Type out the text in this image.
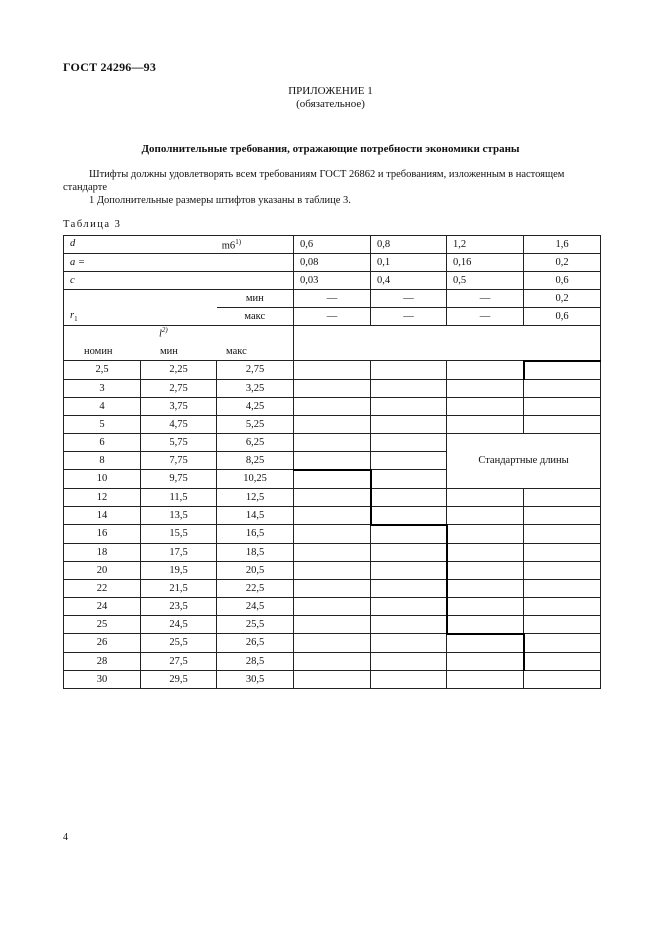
ГОСТ 24296—93
ПРИЛОЖЕНИЕ 1
(обязательное)
Дополнительные требования, отражающие потребности экономики страны
Штифты должны удовлетворять всем требованиям ГОСТ 26862 и требованиям, изложенным в настоящем стандарте
1 Дополнительные размеры штифтов указаны в таблице 3.
Таблица 3
d m6$^{1)}$			0,6	0,8	1,2	1,6
a =			0,08	0,1	0,16	0,2
c			0,03	0,4	0,5	0,6
		мин	—	—	—	0,2
$r_1$		макс	—	—	—	0,6

$l^{2)}$
номин мин макс						

2,5	2,25	2,75				
3	2,75	3,25				
4	3,75	4,25				
5	4,75	5,25				
6	5,75	6,25			Стандартные длины	
8	7,75	8,25				
10	9,75	10,25				
12	11,5	12,5				
14	13,5	14,5				
16	15,5	16,5				
18	17,5	18,5				
20	19,5	20,5				
22	21,5	22,5				
24	23,5	24,5				
25	24,5	25,5				
26	25,5	26,5				
28	27,5	28,5				
30	29,5	30,5				
4
